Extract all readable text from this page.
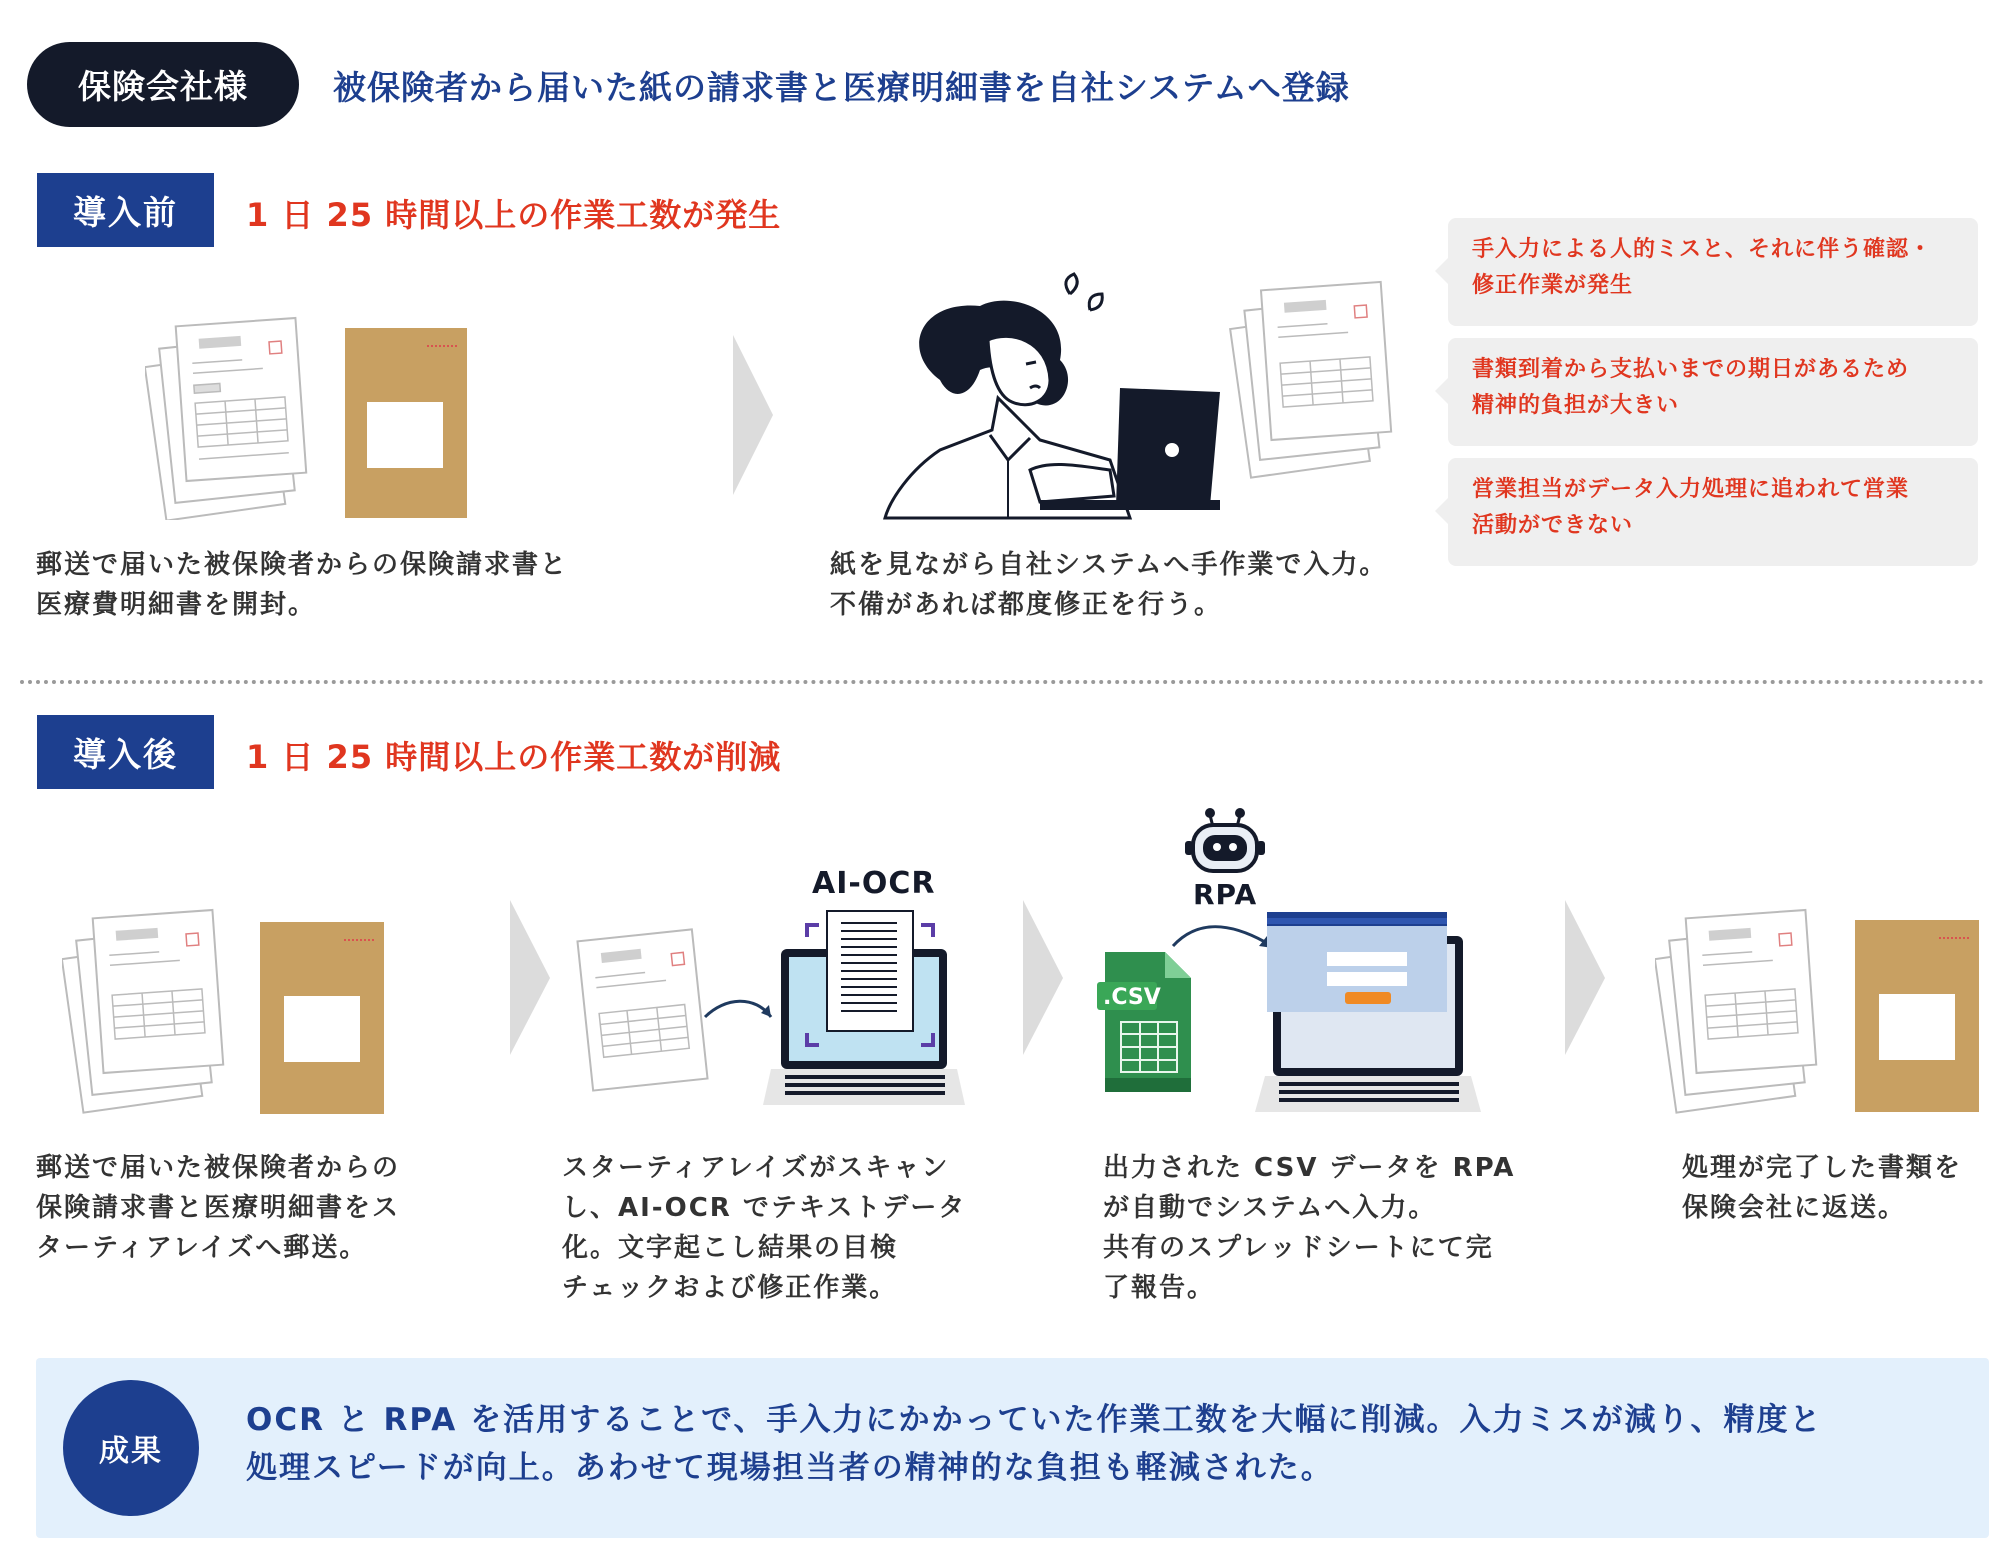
保険会社様	被保険者から届いた紙の請求書と医療明細書を自社システムへ登録
導入前 1 日 25 時間以上の作業工数が発生
郵送で届いた被保険者からの保険請求書と
医療費明細書を開封。
紙を見ながら自社システムへ手作業で入力。
不備があれば都度修正を行う。
手入力による人的ミスと、それに伴う確認・
修正作業が発生
書類到着から支払いまでの期日があるため
精神的負担が大きい
営業担当がデータ入力処理に追われて営業
活動ができない
導入後 1 日 25 時間以上の作業工数が削減
AI-OCR	RPA
.CSV
郵送で届いた被保険者からの
保険請求書と医療明細書をス
ターティアレイズへ郵送。
スターティアレイズがスキャン
し、AI-OCR でテキストデータ
化。文字起こし結果の目検
チェックおよび修正作業。
出力された CSV データを RPA
が自動でシステムへ入力。
共有のスプレッドシートにて完
了報告。
処理が完了した書類を
保険会社に返送。
成果
OCR と RPA を活用することで、手入力にかかっていた作業工数を大幅に削減。入力ミスが減り、精度と
処理スピードが向上。あわせて現場担当者の精神的な負担も軽減された。
